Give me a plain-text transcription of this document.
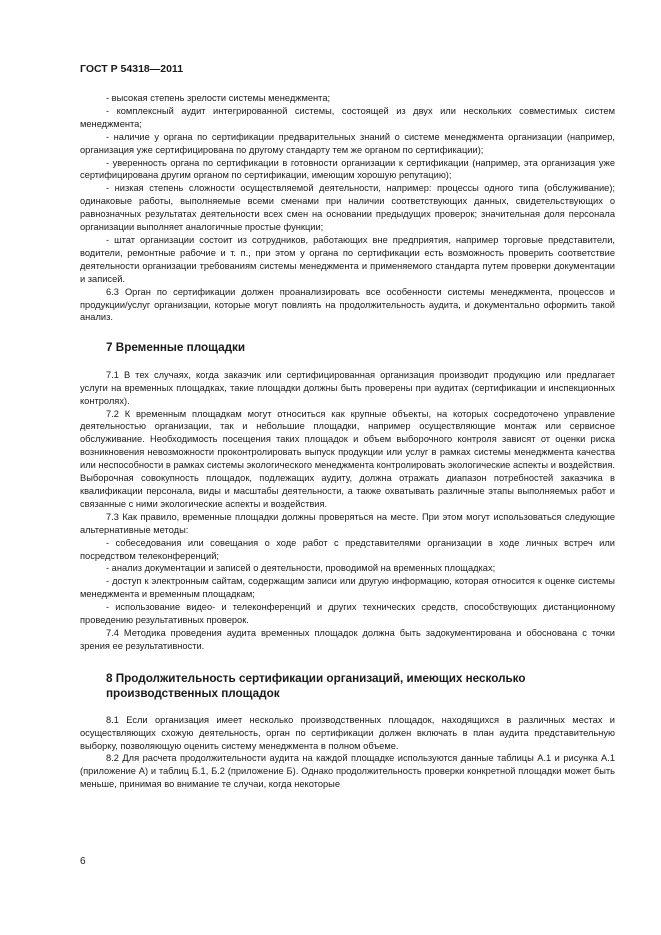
ГОСТ Р 54318—2011

- высокая степень зрелости системы менеджмента;

- комплексный аудит интегрированной системы, состоящей из двух или нескольких совместимых систем менеджмента;

- наличие у органа по сертификации предварительных знаний о системе менеджмента организации (например, организация уже сертифицирована по другому стандарту тем же органом по сертификации);

- уверенность органа по сертификации в готовности организации к сертификации (например, эта организация уже сертифицирована другим органом по сертификации, имеющим хорошую репутацию);

- низкая степень сложности осуществляемой деятельности, например: процессы одного типа (обслуживание); одинаковые работы, выполняемые всеми сменами при наличии соответствующих данных, свидетельствующих о равнозначных результатах деятельности всех смен на основании предыдущих проверок; значительная доля персонала организации выполняет аналогичные простые функции;

- штат организации состоит из сотрудников, работающих вне предприятия, например торговые представители, водители, ремонтные рабочие и т. п., при этом у органа по сертификации есть возможность проверить соответствие деятельности организации требованиям системы менеджмента и применяемого стандарта путем проверки документации и записей.

6.3 Орган по сертификации должен проанализировать все особенности системы менеджмента, процессов и продукции/услуг организации, которые могут повлиять на продолжительность аудита, и документально оформить такой анализ.

7 Временные площадки

7.1 В тех случаях, когда заказчик или сертифицированная организация производит продукцию или предлагает услуги на временных площадках, такие площадки должны быть проверены при аудитах (сертификации и инспекционных контролях).

7.2 К временным площадкам могут относиться как крупные объекты, на которых сосредоточено управление деятельностью организации, так и небольшие площадки, например осуществляющие монтаж или сервисное обслуживание. Необходимость посещения таких площадок и объем выборочного контроля зависят от оценки риска возникновения невозможности проконтролировать выпуск продукции или услуг в рамках системы менеджмента качества или неспособности в рамках системы экологического менеджмента контролировать экологические аспекты и воздействия. Выборочная совокупность площадок, подлежащих аудиту, должна отражать диапазон потребностей заказчика в квалификации персонала, виды и масштабы деятельности, а также охватывать различные этапы выполняемых работ и связанные с ними экологические аспекты и воздействия.

7.3 Как правило, временные площадки должны проверяться на месте. При этом могут использоваться следующие альтернативные методы:

- собеседования или совещания о ходе работ с представителями организации в ходе личных встреч или посредством телеконференций;

- анализ документации и записей о деятельности, проводимой на временных площадках;

- доступ к электронным сайтам, содержащим записи или другую информацию, которая относится к оценке системы менеджмента и временным площадкам;

- использование видео- и телеконференций и других технических средств, способствующих дистанционному проведению результативных проверок.

7.4 Методика проведения аудита временных площадок должна быть задокументирована и обоснована с точки зрения ее результативности.

8 Продолжительность сертификации организаций, имеющих несколько производственных площадок

8.1 Если организация имеет несколько производственных площадок, находящихся в различных местах и осуществляющих схожую деятельность, орган по сертификации должен включать в план аудита представительную выборку, позволяющую оценить систему менеджмента в полном объеме.

8.2 Для расчета продолжительности аудита на каждой площадке используются данные таблицы А.1 и рисунка А.1 (приложение А) и таблиц Б.1, Б.2 (приложение Б). Однако продолжительность проверки конкретной площадки может быть меньше, принимая во внимание те случаи, когда некоторые

6
